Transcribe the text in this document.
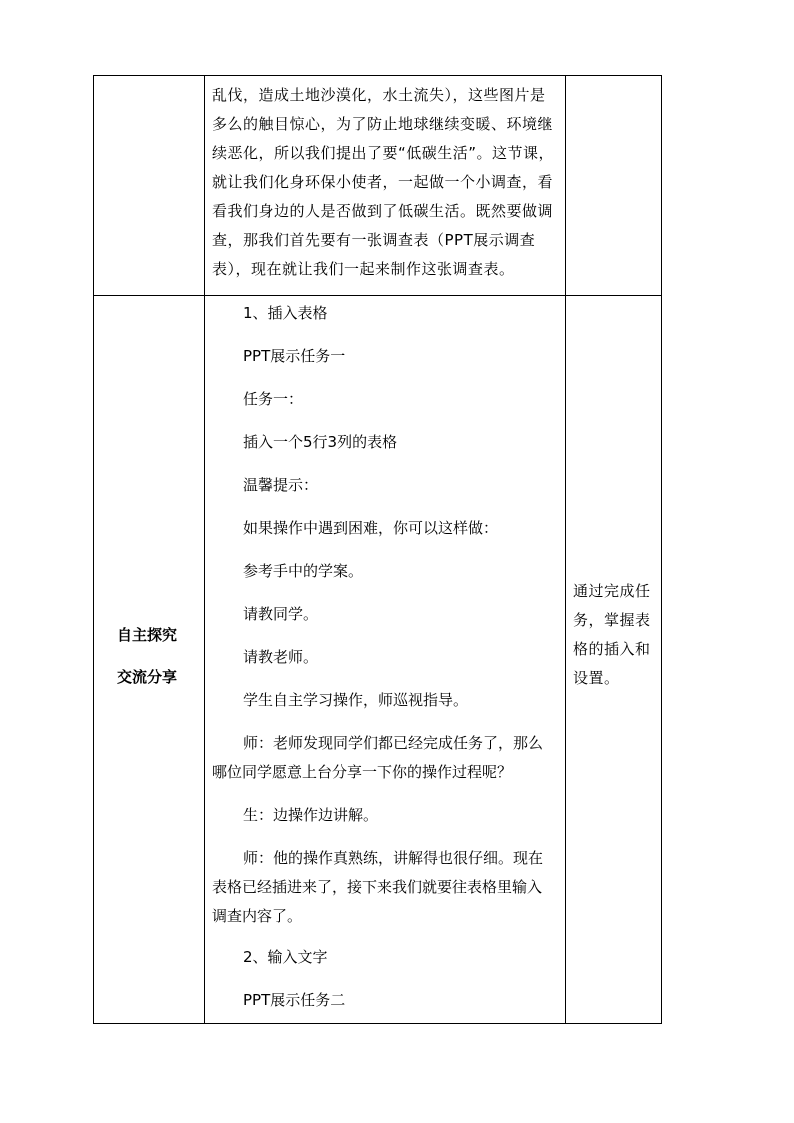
乱伐，造成土地沙漠化，水土流失），这些图片是
多么的触目惊心，为了防止地球继续变暖、环境继
续恶化，所以我们提出了要“低碳生活”。这节课，
就让我们化身环保小使者，一起做一个小调查，看
看我们身边的人是否做到了低碳生活。既然要做调
查，那我们首先要有一张调查表（PPT展示调查
表），现在就让我们一起来制作这张调查表。
自主探究
交流分享
1、插入表格
PPT展示任务一
任务一：
插入一个5行3列的表格
温馨提示：
如果操作中遇到困难，你可以这样做：
参考手中的学案。
请教同学。
请教老师。
学生自主学习操作，师巡视指导。
师：老师发现同学们都已经完成任务了，那么
哪位同学愿意上台分享一下你的操作过程呢？
生：边操作边讲解。
师：他的操作真熟练，讲解得也很仔细。现在
表格已经插进来了，接下来我们就要往表格里输入
调查内容了。
2、输入文字
PPT展示任务二
通过完成任
务，掌握表
格的插入和
设置。
